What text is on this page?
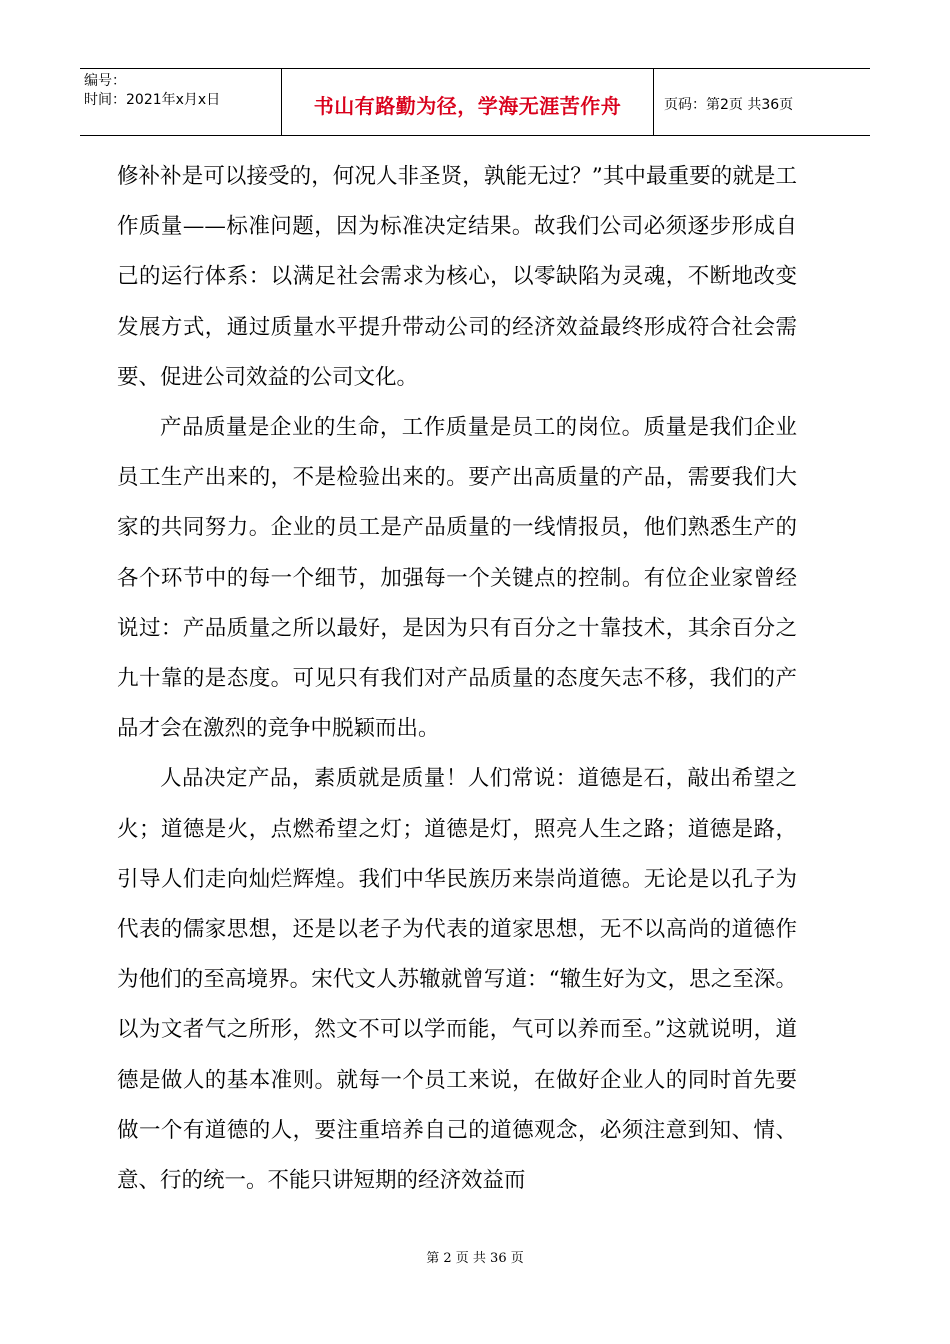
编号：
时间：2021年x月x日	书山有路勤为径，学海无涯苦作舟	页码：第2页 共36页

修补补是可以接受的，何况人非圣贤，孰能无过？”其中最重要的就是工作质量——标准问题，因为标准决定结果。故我们公司必须逐步形成自己的运行体系：以满足社会需求为核心，以零缺陷为灵魂，不断地改变发展方式，通过质量水平提升带动公司的经济效益最终形成符合社会需要、促进公司效益的公司文化。

产品质量是企业的生命，工作质量是员工的岗位。质量是我们企业员工生产出来的，不是检验出来的。要产出高质量的产品，需要我们大家的共同努力。企业的员工是产品质量的一线情报员，他们熟悉生产的各个环节中的每一个细节，加强每一个关键点的控制。有位企业家曾经说过：产品质量之所以最好，是因为只有百分之十靠技术，其余百分之九十靠的是态度。可见只有我们对产品质量的态度矢志不移，我们的产品才会在激烈的竞争中脱颖而出。

人品决定产品，素质就是质量！人们常说：道德是石，敲出希望之火；道德是火，点燃希望之灯；道德是灯，照亮人生之路；道德是路，引导人们走向灿烂辉煌。我们中华民族历来崇尚道德。无论是以孔子为代表的儒家思想，还是以老子为代表的道家思想，无不以高尚的道德作为他们的至高境界。宋代文人苏辙就曾写道：“辙生好为文，思之至深。以为文者气之所形，然文不可以学而能，气可以养而至。”这就说明，道德是做人的基本准则。就每一个员工来说，在做好企业人的同时首先要做一个有道德的人，要注重培养自己的道德观念，必须注意到知、情、意、行的统一。不能只讲短期的经济效益而

第 2 页 共 36 页
